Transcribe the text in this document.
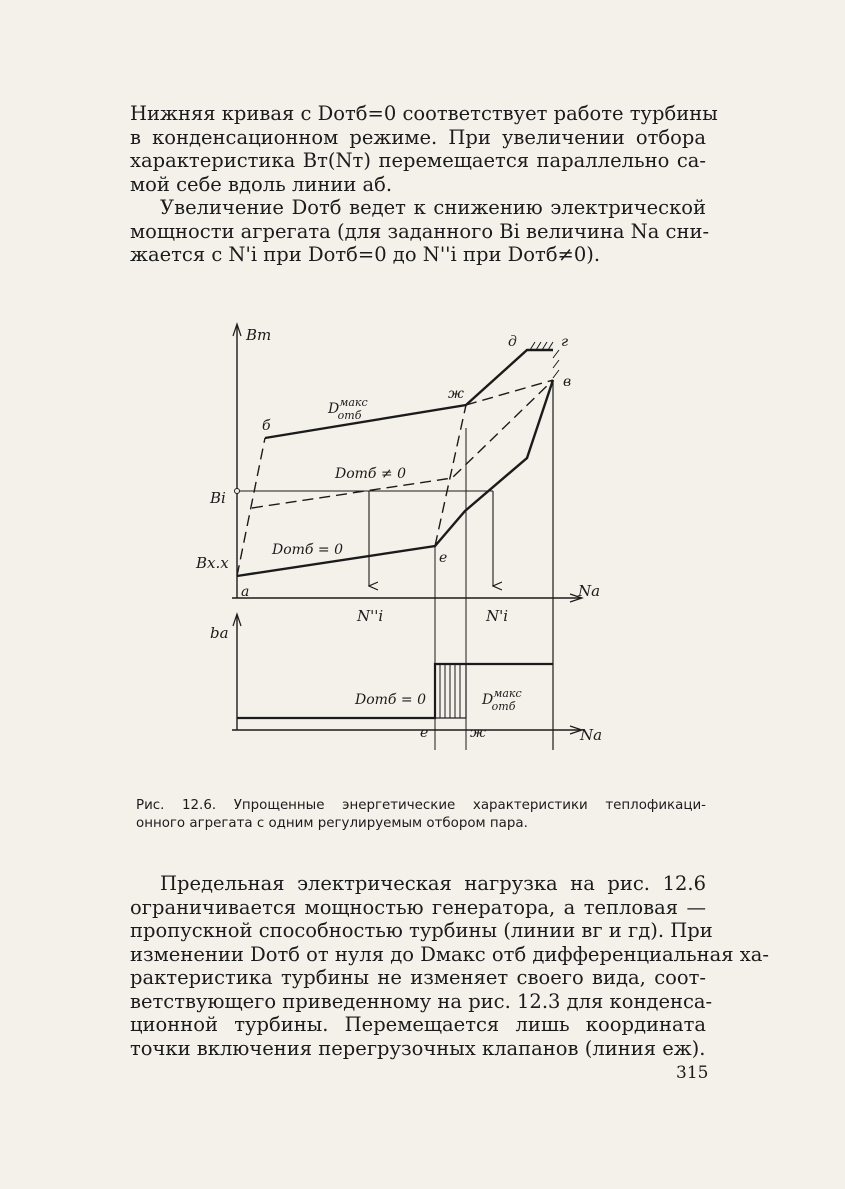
Нижняя кривая с Dотб=0 соответствует работе турбины
в конденсационном режиме. При увеличении отбора
характеристика Bт(Nт) перемещается параллельно са-
мой себе вдоль линии аб.
Увеличение Dотб ведет к снижению электрической
мощности агрегата (для заданного Bi величина Nа сни-
жается с N'i при Dотб=0 до N''i при Dотб≠0).
Bт
Nа
Bi
Bх.х
N''i	N'i
а
б
в
г
д
е
ж
$D^{макс}$ отб
Dотб ≠ 0
Dотб = 0
bа
Nа
е	ж
Dотб = 0	$D^{макс}$ отб
Рис. 12.6. Упрощенные энергетические характеристики теплофикаци-
онного агрегата с одним регулируемым отбором пара.
Предельная электрическая нагрузка на рис. 12.6
ограничивается мощностью генератора, а тепловая —
пропускной способностью турбины (линии вг и гд). При
изменении Dотб от нуля до Dмакс отб дифференциальная ха-
рактеристика турбины не изменяет своего вида, соот-
ветствующего приведенному на рис. 12.3 для конденса-
ционной турбины. Перемещается лишь координата
точки включения перегрузочных клапанов (линия еж).
315
